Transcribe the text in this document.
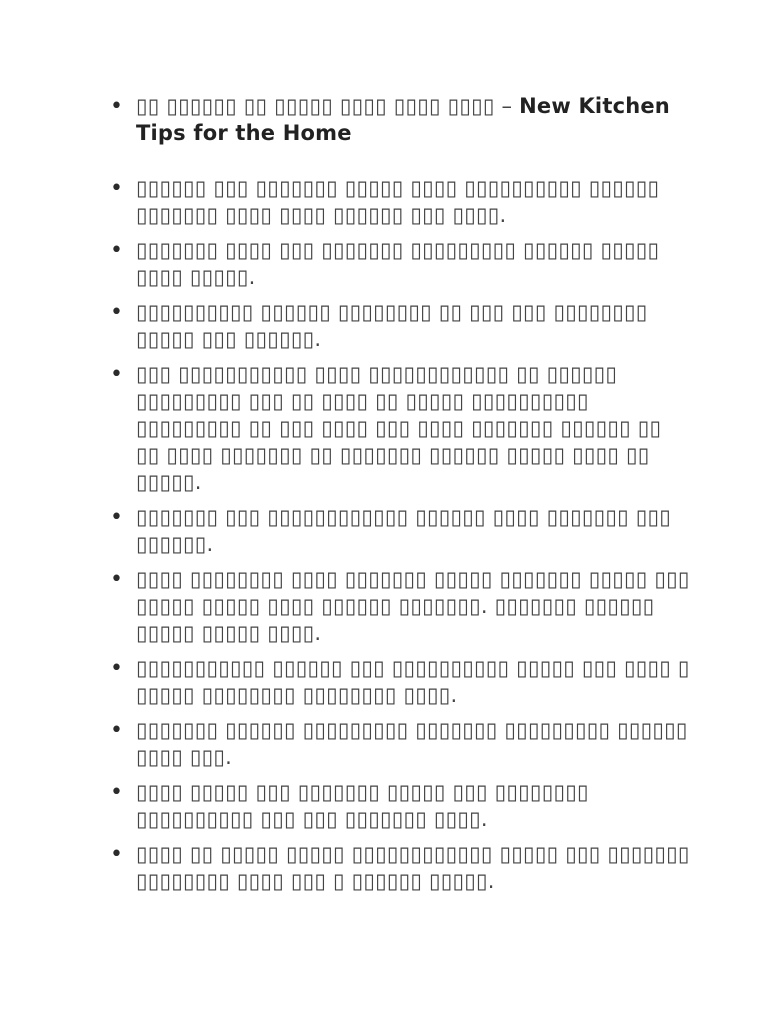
• ▯▯ ▯▯▯▯▯▯ ▯▯ ▯▯▯▯▯ ▯▯▯▯ ▯▯▯▯ ▯▯▯▯ – New Kitchen Tips for the Home
• ▯▯▯▯▯▯ ▯▯▯ ▯▯▯▯▯▯▯ ▯▯▯▯▯ ▯▯▯▯ ▯▯▯▯▯▯▯▯▯▯ ▯▯▯▯▯▯ ▯▯▯▯▯▯▯ ▯▯▯▯ ▯▯▯▯ ▯▯▯▯▯▯ ▯▯▯ ▯▯▯▯.
• ▯▯▯▯▯▯▯ ▯▯▯▯ ▯▯▯ ▯▯▯▯▯▯▯ ▯▯▯▯▯▯▯▯▯ ▯▯▯▯▯▯ ▯▯▯▯▯ ▯▯▯▯ ▯▯▯▯▯.
• ▯▯▯▯▯▯▯▯▯▯ ▯▯▯▯▯▯ ▯▯▯▯▯▯▯▯ ▯▯ ▯▯▯ ▯▯▯ ▯▯▯▯▯▯▯▯ ▯▯▯▯▯ ▯▯▯ ▯▯▯▯▯▯.
• ▯▯▯ ▯▯▯▯▯▯▯▯▯▯▯ ▯▯▯▯ ▯▯▯▯▯▯▯▯▯▯▯▯ ▯▯ ▯▯▯▯▯▯ ▯▯▯▯▯▯▯▯▯ ▯▯▯ ▯▯ ▯▯▯▯ ▯▯ ▯▯▯▯▯ ▯▯▯▯▯▯▯▯▯▯ ▯▯▯▯▯▯▯▯▯ ▯▯ ▯▯▯ ▯▯▯▯ ▯▯▯ ▯▯▯▯ ▯▯▯▯▯▯▯ ▯▯▯▯▯▯ ▯▯ ▯▯ ▯▯▯▯ ▯▯▯▯▯▯▯ ▯▯ ▯▯▯▯▯▯▯ ▯▯▯▯▯▯ ▯▯▯▯▯ ▯▯▯▯ ▯▯ ▯▯▯▯▯.
• ▯▯▯▯▯▯▯ ▯▯▯ ▯▯▯▯▯▯▯▯▯▯▯▯ ▯▯▯▯▯▯ ▯▯▯▯ ▯▯▯▯▯▯▯ ▯▯▯ ▯▯▯▯▯▯.
• ▯▯▯▯ ▯▯▯▯▯▯▯▯ ▯▯▯▯ ▯▯▯▯▯▯▯ ▯▯▯▯▯ ▯▯▯▯▯▯▯ ▯▯▯▯▯ ▯▯▯ ▯▯▯▯▯ ▯▯▯▯▯ ▯▯▯▯ ▯▯▯▯▯▯ ▯▯▯▯▯▯▯. ▯▯▯▯▯▯▯ ▯▯▯▯▯▯ ▯▯▯▯▯ ▯▯▯▯▯ ▯▯▯▯.
• ▯▯▯▯▯▯▯▯▯▯▯ ▯▯▯▯▯▯ ▯▯▯ ▯▯▯▯▯▯▯▯▯▯ ▯▯▯▯▯ ▯▯▯ ▯▯▯▯ ▯ ▯▯▯▯▯ ▯▯▯▯▯▯▯▯ ▯▯▯▯▯▯▯▯ ▯▯▯▯.
• ▯▯▯▯▯▯▯ ▯▯▯▯▯▯ ▯▯▯▯▯▯▯▯▯ ▯▯▯▯▯▯▯ ▯▯▯▯▯▯▯▯▯ ▯▯▯▯▯▯ ▯▯▯▯ ▯▯▯.
• ▯▯▯▯ ▯▯▯▯▯ ▯▯▯ ▯▯▯▯▯▯▯ ▯▯▯▯▯ ▯▯▯ ▯▯▯▯▯▯▯▯ ▯▯▯▯▯▯▯▯▯▯ ▯▯▯ ▯▯▯ ▯▯▯▯▯▯▯ ▯▯▯▯.
• ▯▯▯▯ ▯▯ ▯▯▯▯▯ ▯▯▯▯▯ ▯▯▯▯▯▯▯▯▯▯▯▯ ▯▯▯▯▯ ▯▯▯ ▯▯▯▯▯▯▯ ▯▯▯▯▯▯▯▯ ▯▯▯▯ ▯▯▯ ▯ ▯▯▯▯▯▯ ▯▯▯▯▯.
